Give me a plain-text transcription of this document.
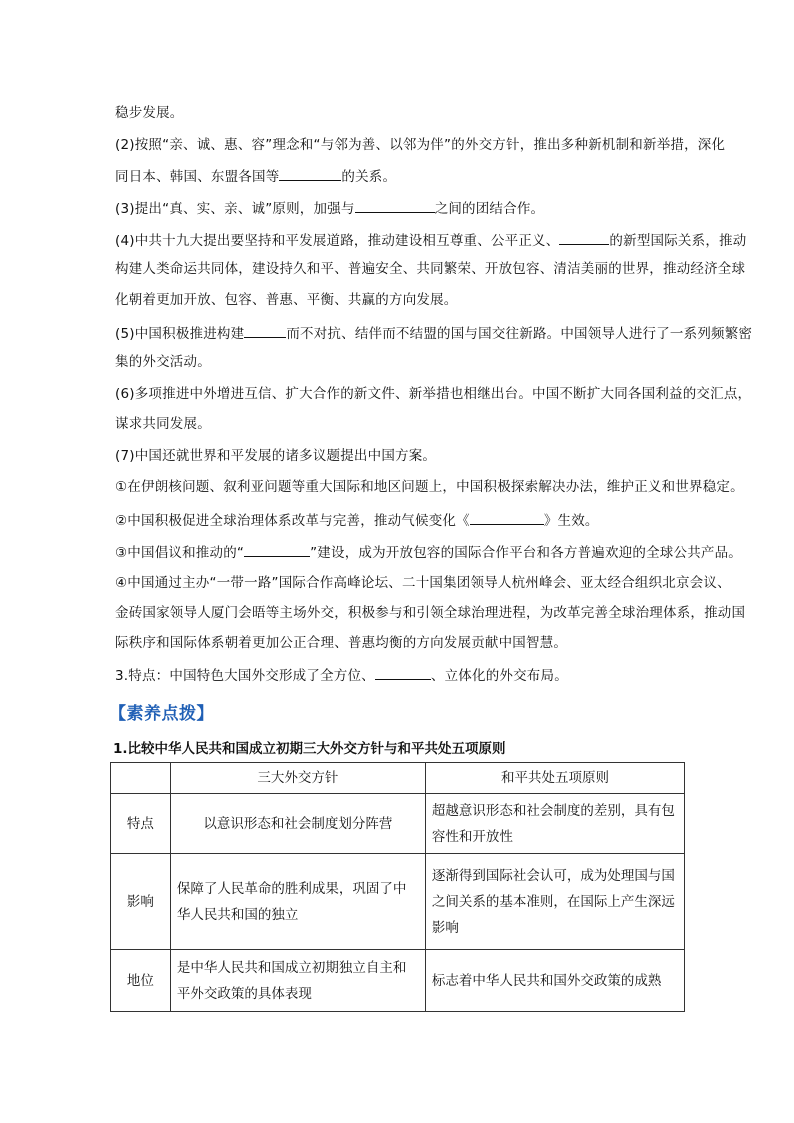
稳步发展。
(2)按照“亲、诚、惠、容”理念和“与邻为善、以邻为伴”的外交方针，推出多种新机制和新举措，深化
同日本、韩国、东盟各国等	的关系。
(3)提出“真、实、亲、诚”原则，加强与	之间的团结合作。
(4)中共十九大提出要坚持和平发展道路，推动建设相互尊重、公平正义、	的新型国际关系，推动
构建人类命运共同体，建设持久和平、普遍安全、共同繁荣、开放包容、清洁美丽的世界，推动经济全球
化朝着更加开放、包容、普惠、平衡、共赢的方向发展。
(5)中国积极推进构建	而不对抗、结伴而不结盟的国与国交往新路。中国领导人进行了一系列频繁密
集的外交活动。
(6)多项推进中外增进互信、扩大合作的新文件、新举措也相继出台。中国不断扩大同各国利益的交汇点，
谋求共同发展。
(7)中国还就世界和平发展的诸多议题提出中国方案。
①在伊朗核问题、叙利亚问题等重大国际和地区问题上，中国积极探索解决办法，维护正义和世界稳定。
②中国积极促进全球治理体系改革与完善，推动气候变化《	》生效。
③中国倡议和推动的“	”建设，成为开放包容的国际合作平台和各方普遍欢迎的全球公共产品。
④中国通过主办“一带一路”国际合作高峰论坛、二十国集团领导人杭州峰会、亚太经合组织北京会议、
金砖国家领导人厦门会晤等主场外交，积极参与和引领全球治理进程，为改革完善全球治理体系，推动国
际秩序和国际体系朝着更加公正合理、普惠均衡的方向发展贡献中国智慧。
3.特点：中国特色大国外交形成了全方位、	、立体化的外交布局。
【素养点拨】
1.比较中华人民共和国成立初期三大外交方针与和平共处五项原则
	三大外交方针	和平共处五项原则
特点	以意识形态和社会制度划分阵营	超越意识形态和社会制度的差别，具有包容性和开放性
影响	保障了人民革命的胜利成果，巩固了中华人民共和国的独立	逐渐得到国际社会认可，成为处理国与国之间关系的基本准则，在国际上产生深远影响
地位	是中华人民共和国成立初期独立自主和平外交政策的具体表现	标志着中华人民共和国外交政策的成熟
